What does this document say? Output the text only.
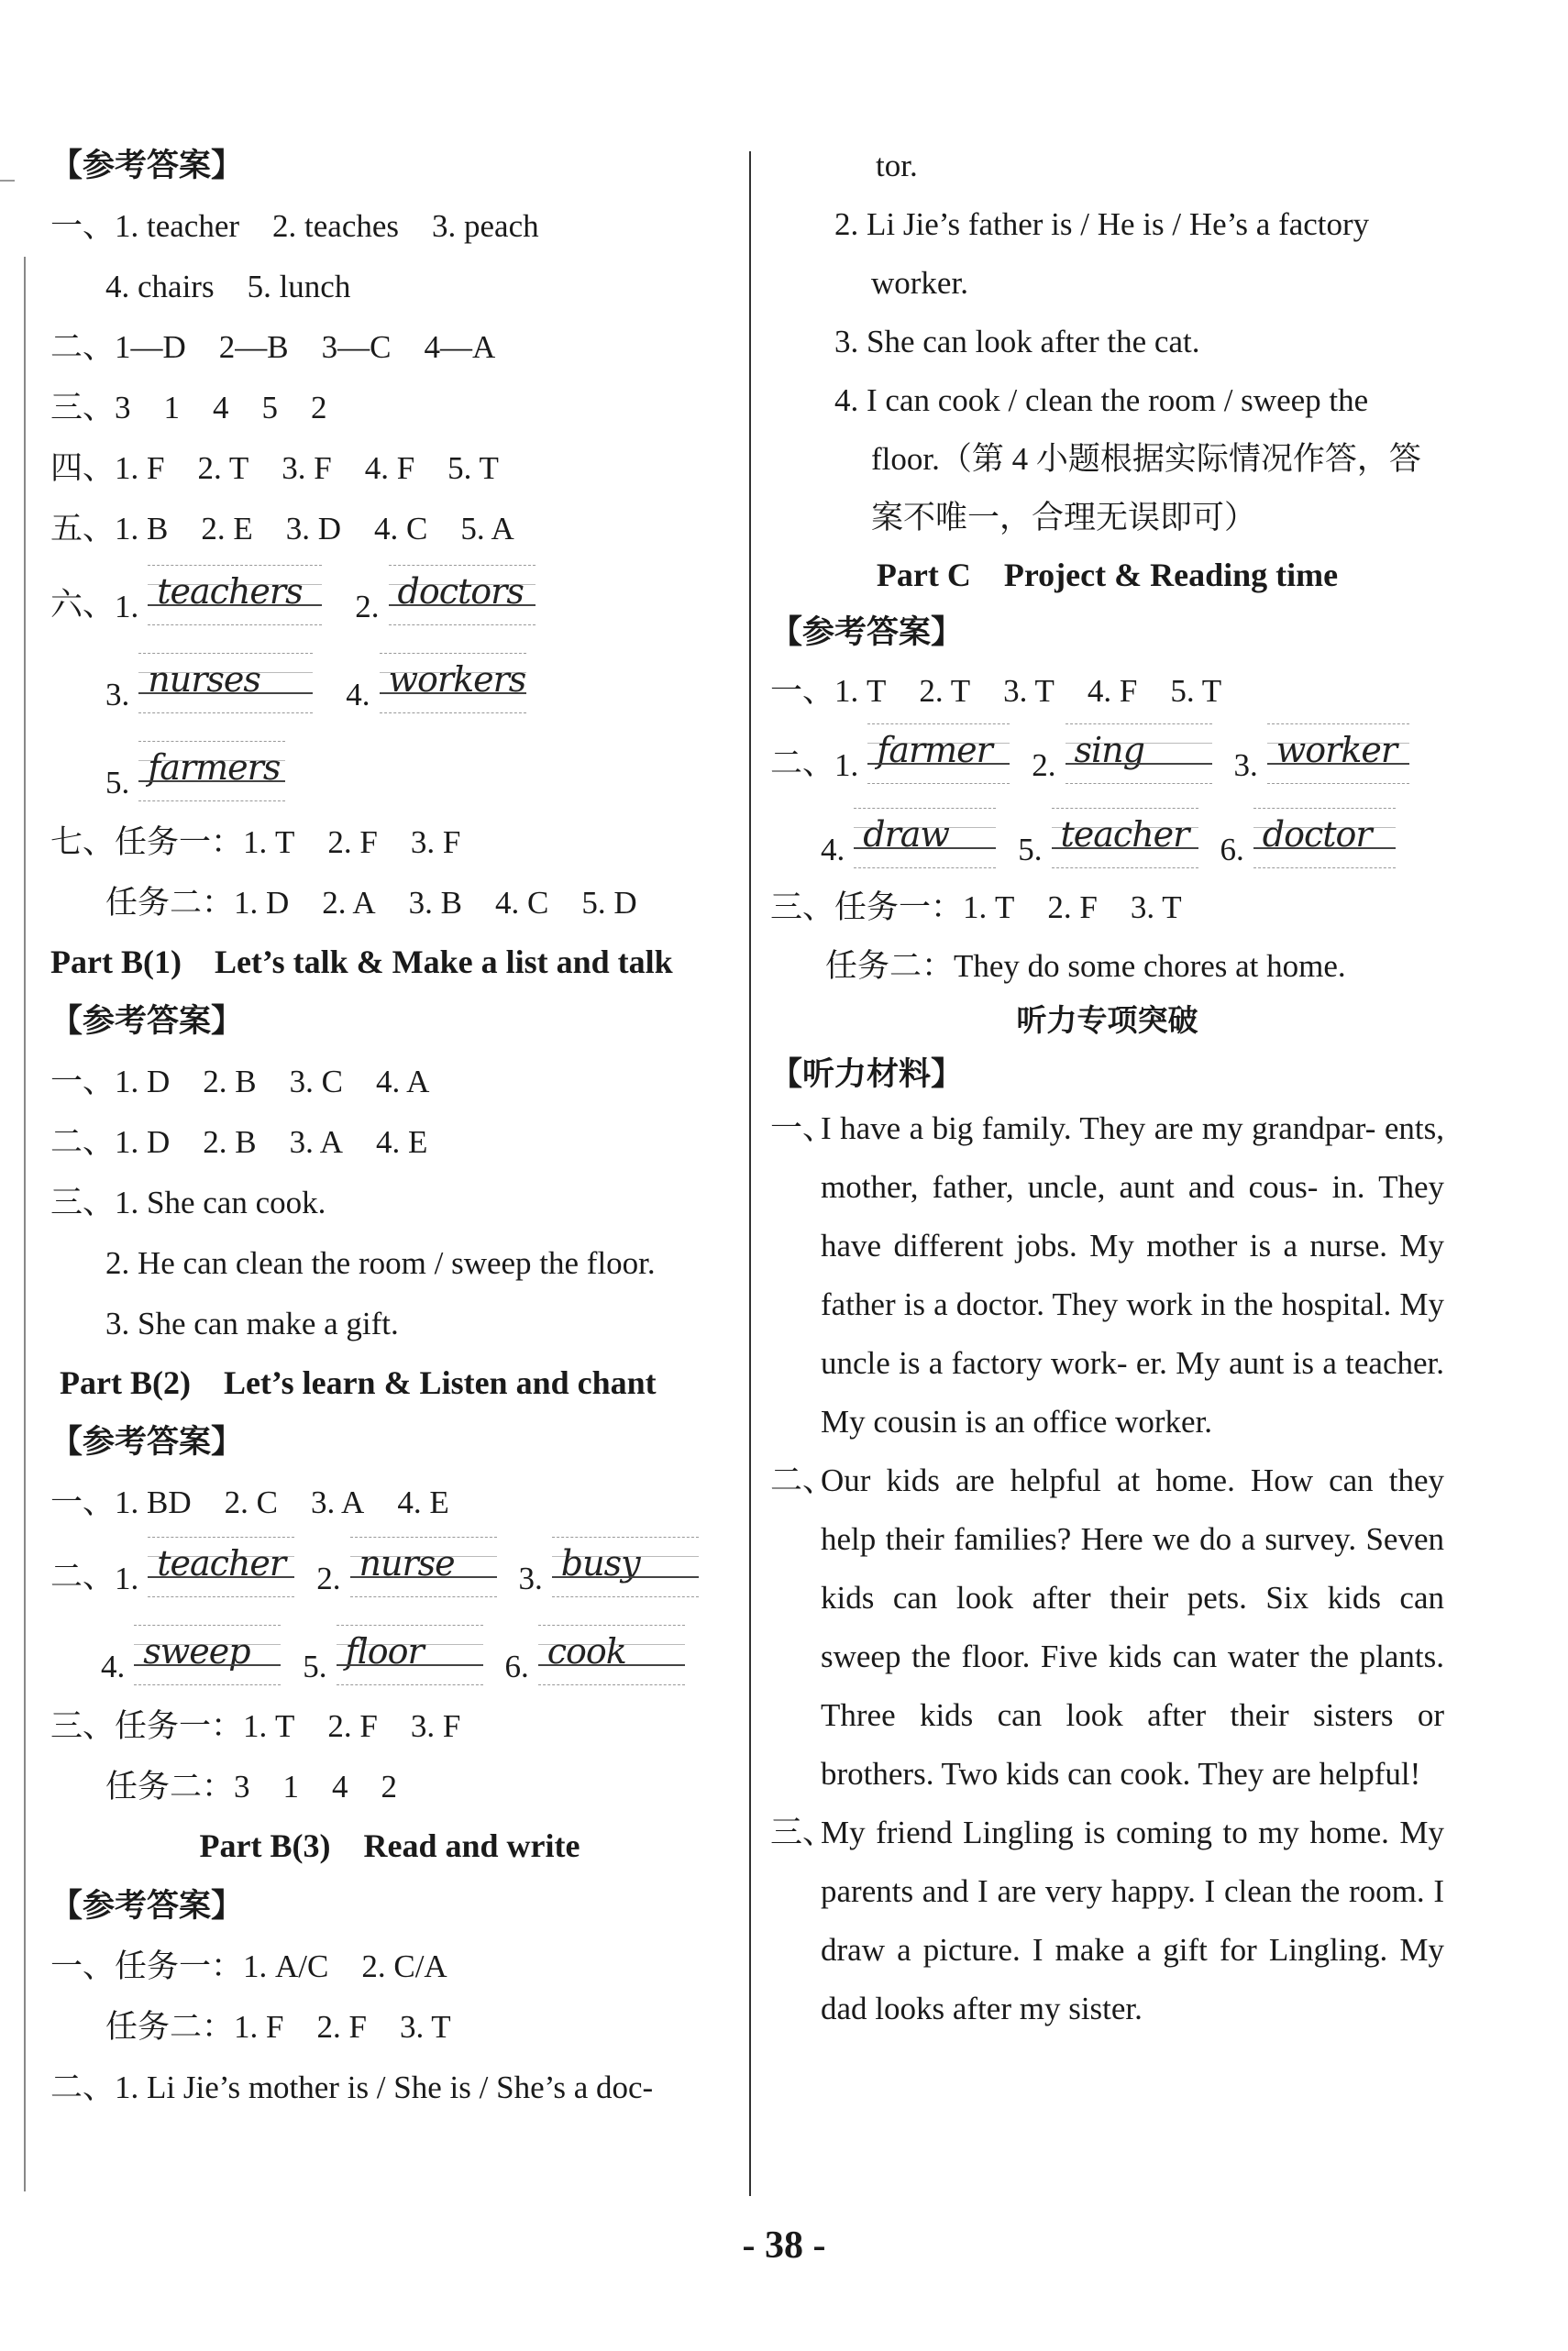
【参考答案】
一、1. teacher 2. teaches 3. peach
4. chairs 5. lunch
二、1—D 2—B 3—C 4—A
三、3 1 4 5 2
四、1. F 2. T 3. F 4. F 5. T
五、1. B 2. E 3. D 4. C 5. A
六、 1. teachers 2. doctors
3. nurses	4. workers
5. farmers
七、任务一：1. T 2. F 3. F
任务二：1. D 2. A 3. B 4. C 5. D
Part B(1)　Let’s talk & Make a list and talk
【参考答案】
一、1. D 2. B 3. C 4. A
二、1. D 2. B 3. A 4. E
三、1. She can cook.
2. He can clean the room / sweep the floor.
3. She can make a gift.
Part B(2)　Let’s learn & Listen and chant
【参考答案】
一、1. BD 2. C 3. A 4. E
二、 1. teacher 2. nurse 3. busy
4. sweep 5. floor	6. cook
三、任务一：1. T 2. F 3. F
任务二：3 1 4 2
Part B(3)　Read and write
【参考答案】
一、任务一：1. A/C 2. C/A
任务二：1. F 2. F 3. T
二、1. Li Jie’s mother is / She is / She’s a doc-
tor.
2. Li Jie’s father is / He is / He’s a factory
worker.
3. She can look after the cat.
4. I can cook / clean the room / sweep the
floor.（第 4 小题根据实际情况作答，答
案不唯一，合理无误即可）
Part C　Project & Reading time
【参考答案】
一、1. T 2. T 3. T 4. F 5. T
二、 1. farmer 2. sing	3. worker
4. draw 5. teacher 6. doctor
三、任务一：1. T 2. F 3. T
任务二：They do some chores at home.
听力专项突破
【听力材料】
一、
I have a big family. They are my grandpar- ents, mother, father, uncle, aunt and cous- in. They have different jobs. My mother is a nurse. My father is a doctor. They work in the hospital. My uncle is a factory work- er. My aunt is a teacher. My cousin is an office worker.
二、
Our kids are helpful at home. How can they help their families? Here we do a survey. Seven kids can look after their pets. Six kids can sweep the floor. Five kids can water the plants. Three kids can look after their sisters or brothers. Two kids can cook. They are helpful!
三、
My friend Lingling is coming to my home. My parents and I are very happy. I clean the room. I draw a picture. I make a gift for Lingling. My dad looks after my sister.
- 38 -
